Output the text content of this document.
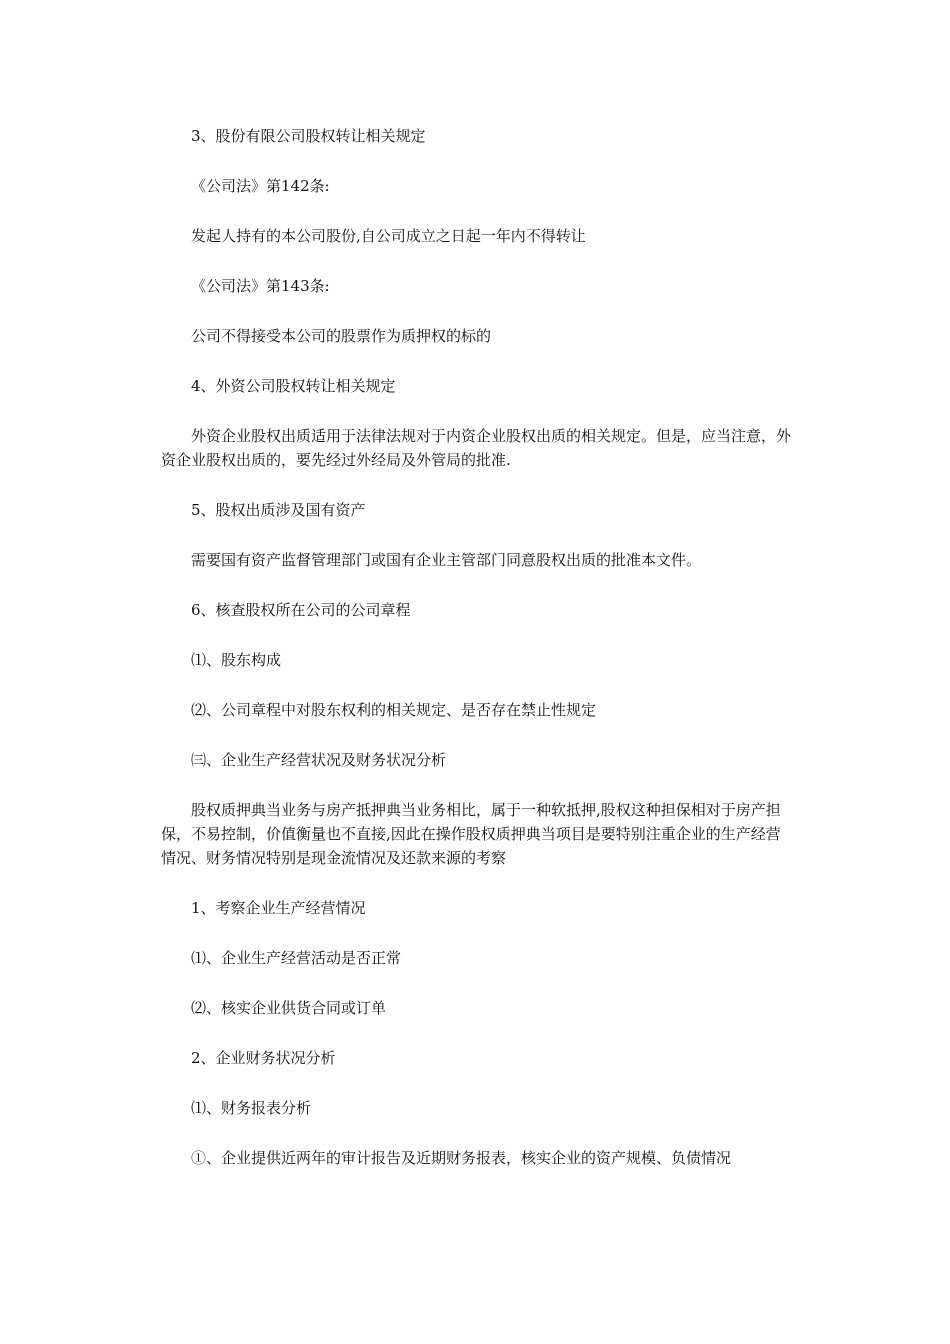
3、股份有限公司股权转让相关规定

《公司法》第142条:

发起人持有的本公司股份,自公司成立之日起一年内不得转让

《公司法》第143条:

公司不得接受本公司的股票作为质押权的标的

4、外资公司股权转让相关规定

外资企业股权出质适用于法律法规对于内资企业股权出质的相关规定。但是，应当注意，外资企业股权出质的，要先经过外经局及外管局的批准.

5、股权出质涉及国有资产

需要国有资产监督管理部门或国有企业主管部门同意股权出质的批准本文件。

6、核查股权所在公司的公司章程

⑴、股东构成

⑵、公司章程中对股东权利的相关规定、是否存在禁止性规定

㈢、企业生产经营状况及财务状况分析

股权质押典当业务与房产抵押典当业务相比，属于一种软抵押,股权这种担保相对于房产担保，不易控制，价值衡量也不直接,因此在操作股权质押典当项目是要特别注重企业的生产经营情况、财务情况特别是现金流情况及还款来源的考察

1、考察企业生产经营情况

⑴、企业生产经营活动是否正常

⑵、核实企业供货合同或订单

2、企业财务状况分析

⑴、财务报表分析

①、企业提供近两年的审计报告及近期财务报表，核实企业的资产规模、负债情况
